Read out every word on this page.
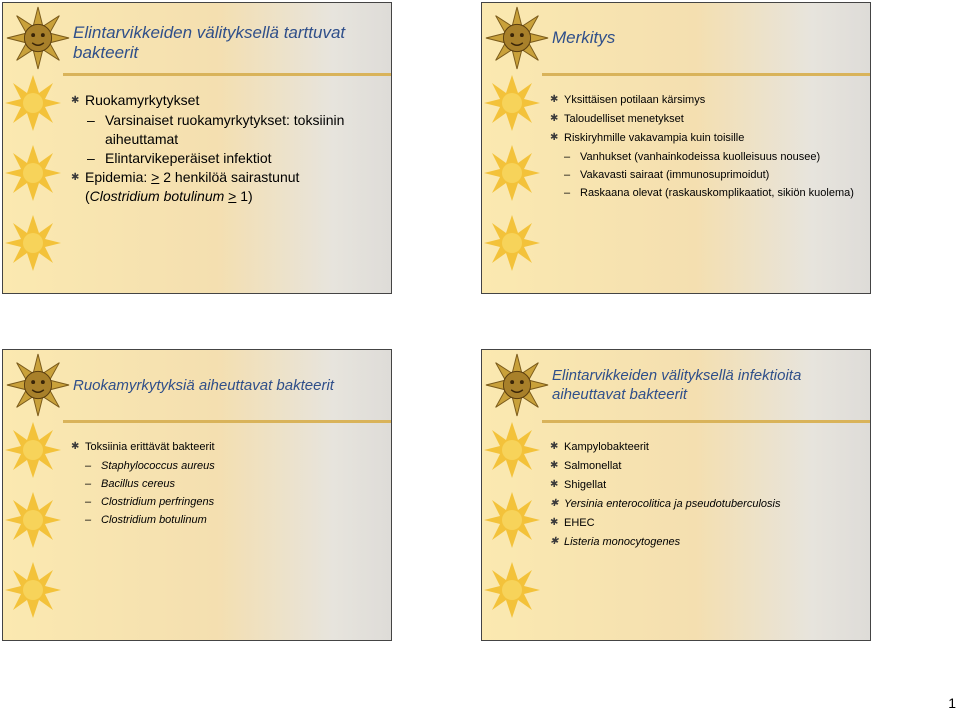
Elintarvikkeiden välityksellä tarttuvat bakteerit
✱ Ruokamyrkytykset
– Varsinaiset ruokamyrkytykset: toksiinin aiheuttamat
– Elintarvikeperäiset infektiot
✱ Epidemia: > 2 henkilöä sairastunut
(Clostridium botulinum > 1)
Merkitys
✱ Yksittäisen potilaan kärsimys
✱ Taloudelliset menetykset
✱ Riskiryhmille vakavampia kuin toisille
– Vanhukset (vanhainkodeissa kuolleisuus nousee)
– Vakavasti sairaat (immunosuprimoidut)
– Raskaana olevat (raskauskomplikaatiot, sikiön kuolema)
Ruokamyrkytyksiä aiheuttavat bakteerit
✱ Toksiinia erittävät bakteerit
– Staphylococcus aureus
– Bacillus cereus
– Clostridium perfringens
– Clostridium botulinum
Elintarvikkeiden välityksellä infektioita aiheuttavat bakteerit
✱ Kampylobakteerit
✱ Salmonellat
✱ Shigellat
✱ Yersinia enterocolitica ja pseudotuberculosis
✱ EHEC
✱ Listeria monocytogenes
1
